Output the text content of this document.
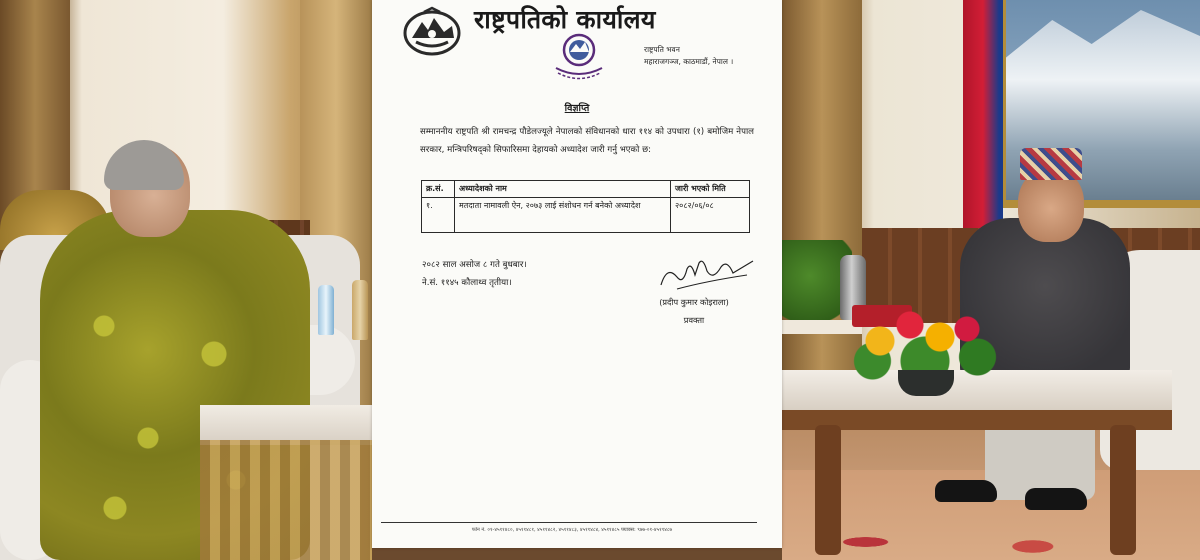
राष्ट्रपतिको कार्यालय
राष्ट्रपति भवन
महाराजगञ्ज, काठमाडौं, नेपाल ।
विज्ञप्ति
सम्माननीय राष्ट्रपति श्री रामचन्द्र पौडेलज्यूले नेपालको संविधानको धारा ११४ को उपधारा (१) बमोजिम नेपाल सरकार, मन्त्रिपरिषद्को सिफारिसमा देहायको अध्यादेश जारी गर्नु भएको छ:
क्र.सं.	अध्यादेशको नाम	जारी भएको मिति
१.	मतदाता नामावली ऐन, २०७३ लाई संशोधन गर्न बनेको अध्यादेश	२०८२/०६/०८
२०८२ साल असोज ८ गते बुधबार।
ने.सं. ११४५ कौलाथ्व तृतीया।
(प्रदीप कुमार कोइराला)
प्रवक्ता
फोन नं. ०१-४५११४८०, ४५११४८१, ४५११४८२, ४५११४८३, ४५११४८४, ४५११४८५ फ्याक्स: ९७७-०१-४५११४८७
